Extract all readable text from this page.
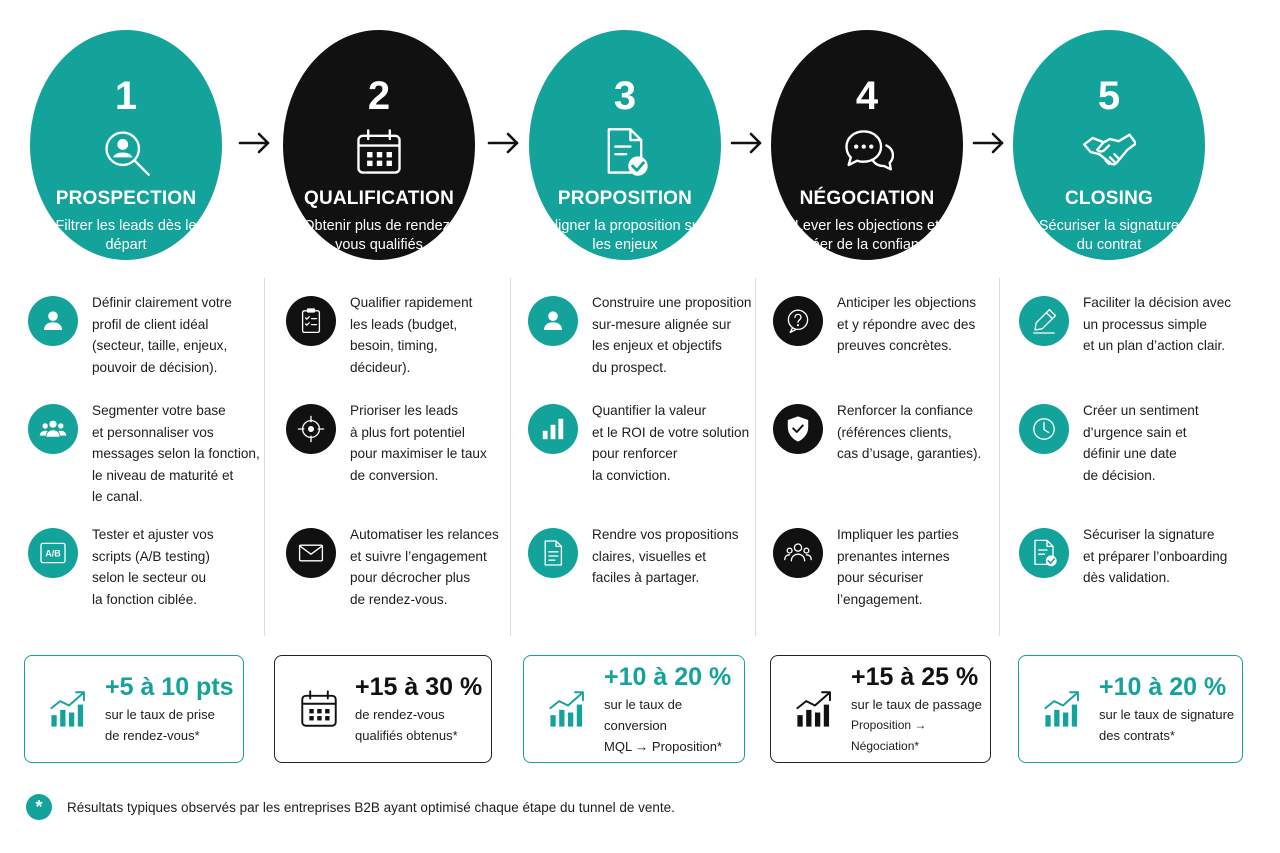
1
PROSPECTION
Filtrer les leads dès le départ
2
QUALIFICATION
Obtenir plus de rendez-vous qualifiés
3
PROPOSITION
Aligner la proposition sur les enjeux
4
NÉGOCIATION
Lever les objections et créer de la confiance
5
CLOSING
Sécuriser la signature du contrat
Définir clairement votre
profil de client idéal
(secteur, taille, enjeux,
pouvoir de décision).
Segmenter votre base
et personnaliser vos
messages selon la fonction,
le niveau de maturité et
le canal.
A/B
Tester et ajuster vos
scripts (A/B testing)
selon le secteur ou
la fonction ciblée.
Qualifier rapidement
les leads (budget,
besoin, timing,
décideur).
Prioriser les leads
à plus fort potentiel
pour maximiser le taux
de conversion.
Automatiser les relances
et suivre l’engagement
pour décrocher plus
de rendez-vous.
Construire une proposition
sur-mesure alignée sur
les enjeux et objectifs
du prospect.
Quantifier la valeur
et le ROI de votre solution
pour renforcer
la conviction.
Rendre vos propositions
claires, visuelles et
faciles à partager.
Anticiper les objections
et y répondre avec des
preuves concrètes.
Renforcer la confiance
(références clients,
cas d’usage, garanties).
Impliquer les parties
prenantes internes
pour sécuriser
l’engagement.
Faciliter la décision avec
un processus simple
et un plan d’action clair.
Créer un sentiment
d’urgence sain et
définir une date
de décision.
Sécuriser la signature
et préparer l’onboarding
dès validation.
+5 à 10 pts
sur le taux de prise
de rendez-vous*
+15 à 30 %
de rendez-vous
qualifiés obtenus*
+10 à 20 %
sur le taux de conversion
MQL → Proposition*
+15 à 25 %
sur le taux de passage
Proposition → Négociation*
+10 à 20 %
sur le taux de signature
des contrats*
*	Résultats typiques observés par les entreprises B2B ayant optimisé chaque étape du tunnel de vente.
